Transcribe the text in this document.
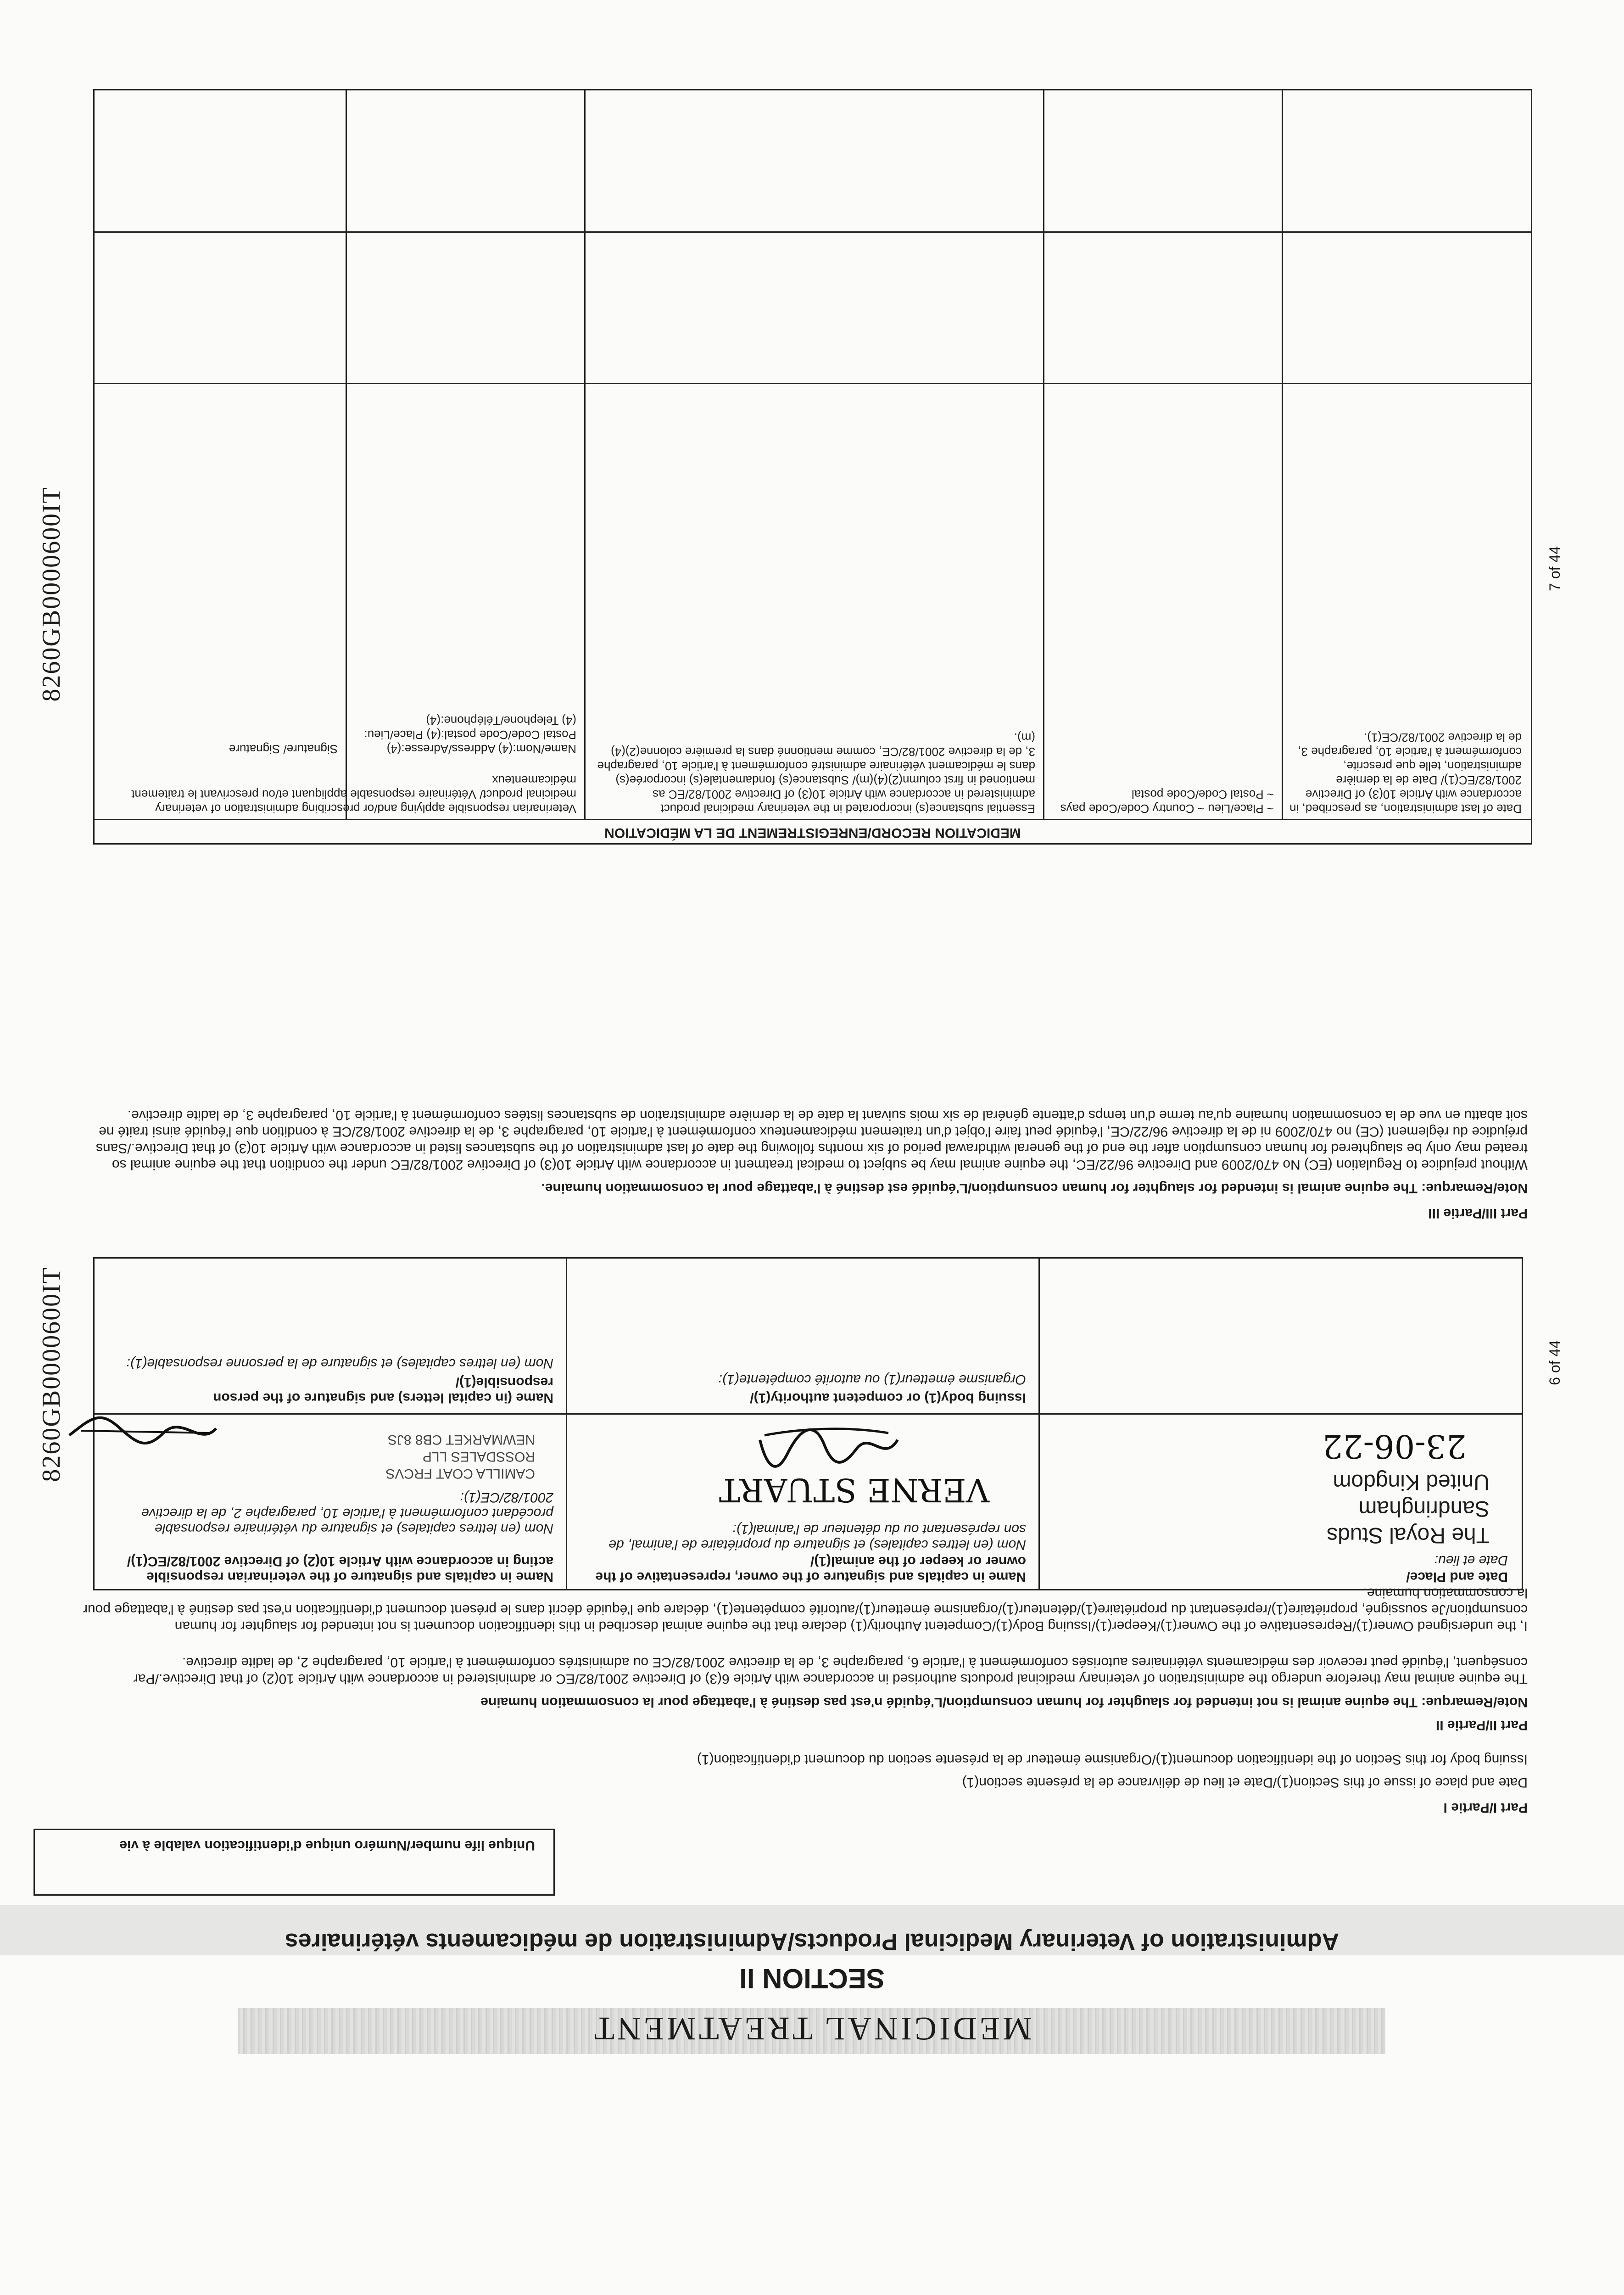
MEDICINAL TREATMENT
SECTION II
Administration of Veterinary Medicinal Products/Administration de médicaments vétérinaires
Unique life number/Numéro unique d'identification valable à vie
Part I/Partie I
Date and place of issue of this Section(1)/Date et lieu de délivrance de la présente section(1)
Issuing body for this Section of the identification document(1)/Organisme émetteur de la présente section du document d'identification(1)
Part II/Partie II
Note/Remarque: The equine animal is not intended for slaughter for human consumption/L'équidé n'est pas destiné à l'abattage pour la consommation humaine
The equine animal may therefore undergo the administration of veterinary medicinal products authorised in accordance with Article 6(3) of Directive 2001/82/EC or administered in accordance with Article 10(2) of that Directive./Par conséquent, l'équidé peut recevoir des médicaments vétérinaires autorisés conformément à l'article 6, paragraphe 3, de la directive 2001/82/CE ou administrés conformément à l'article 10, paragraphe 2, de ladite directive.
I, the undersigned Owner(1)/Representative of the Owner(1)/Keeper(1)/Issuing Body(1)/Competent Authority(1) declare that the equine animal described in this identification document is not intended for slaughter for human consumption/Je soussigné, propriétaire(1)/représentant du propriétaire(1)/détenteur(1)/organisme émetteur(1)/autorité compétente(1), déclare que l'équidé décrit dans le présent document d'identification n'est pas destiné à l'abattage pour la consommation humaine.
Date and Place/
Date et lieu:
The Royal Studs
Sandringham
United Kingdom
23-06-22
Name in capitals and signature of the owner, representative of the owner or keeper of the animal(1)/
Nom (en lettres capitales) et signature du propriétaire de l'animal, de son représentant ou du détenteur de l'animal(1):
VERNE STUART
Name in capitals and signature of the veterinarian responsible acting in accordance with Article 10(2) of Directive 2001/82/EC(1)/
Nom (en lettres capitales) et signature du vétérinaire responsable procédant conformément à l'article 10, paragraphe 2, de la directive 2001/82/CE(1):
CAMILLA COAT FRCVS
ROSSDALES LLP
NEWMARKET CB8 8JS
Issuing body(1) or competent authority(1)/
Organisme émetteur(1) ou autorité compétente(1):
Name (in capital letters) and signature of the person responsible(1)/
Nom (en lettres capitales) et signature de la personne responsable(1):
Part III/Partie III
Note/Remarque: The equine animal is intended for slaughter for human consumption/L'équidé est destiné à l'abattage pour la consommation humaine.
Without prejudice to Regulation (EC) No 470/2009 and Directive 96/22/EC, the equine animal may be subject to medical treatment in accordance with Article 10(3) of Directive 2001/82/EC under the condition that the equine animal so treated may only be slaughtered for human consumption after the end of the general withdrawal period of six months following the date of last administration of the substances listed in accordance with Article 10(3) of that Directive./Sans préjudice du règlement (CE) no 470/2009 ni de la directive 96/22/CE, l'équidé peut faire l'objet d'un traitement médicamenteux conformément à l'article 10, paragraphe 3, de la directive 2001/82/CE à condition que l'équidé ainsi traité ne soit abattu en vue de la consommation humaine qu'au terme d'un temps d'attente général de six mois suivant la date de la dernière administration de substances listées conformément à l'article 10, paragraphe 3, de ladite directive.
MEDICATION RECORD/ENREGISTREMENT DE LA MÉDICATION
Date of last administration, as prescribed, in accordance with Article 10(3) of Directive 2001/82/EC(1)/ Date de la dernière administration, telle que prescrite, conformément à l'article 10, paragraphe 3, de la directive 2001/82/CE(1).
~ Place/Lieu ~ Country Code/Code pays ~ Postal Code/Code postal
Essential substance(s) incorporated in the veterinary medicinal product administered in accordance with Article 10(3) of Directive 2001/82/EC as mentioned in first column(2)(4)(m)/ Substance(s) fondamentale(s) incorporée(s) dans le médicament vétérinaire administré conformément à l'article 10, paragraphe 3, de la directive 2001/82/CE, comme mentionné dans la première colonne(2)(4)(m).
Veterinarian responsible applying and/or prescribing administration of veterinary medicinal product/ Vétérinaire responsable appliquant et/ou prescrivant le traitement médicamenteux
Name/Nom:(4) Address/Adresse:(4) Postal Code/Code postal:(4) Place/Lieu:(4) Telephone/Téléphone:(4)
Signature/ Signature
8260GB0000600IT
8260GB0000600IT
7 of 44
6 of 44
